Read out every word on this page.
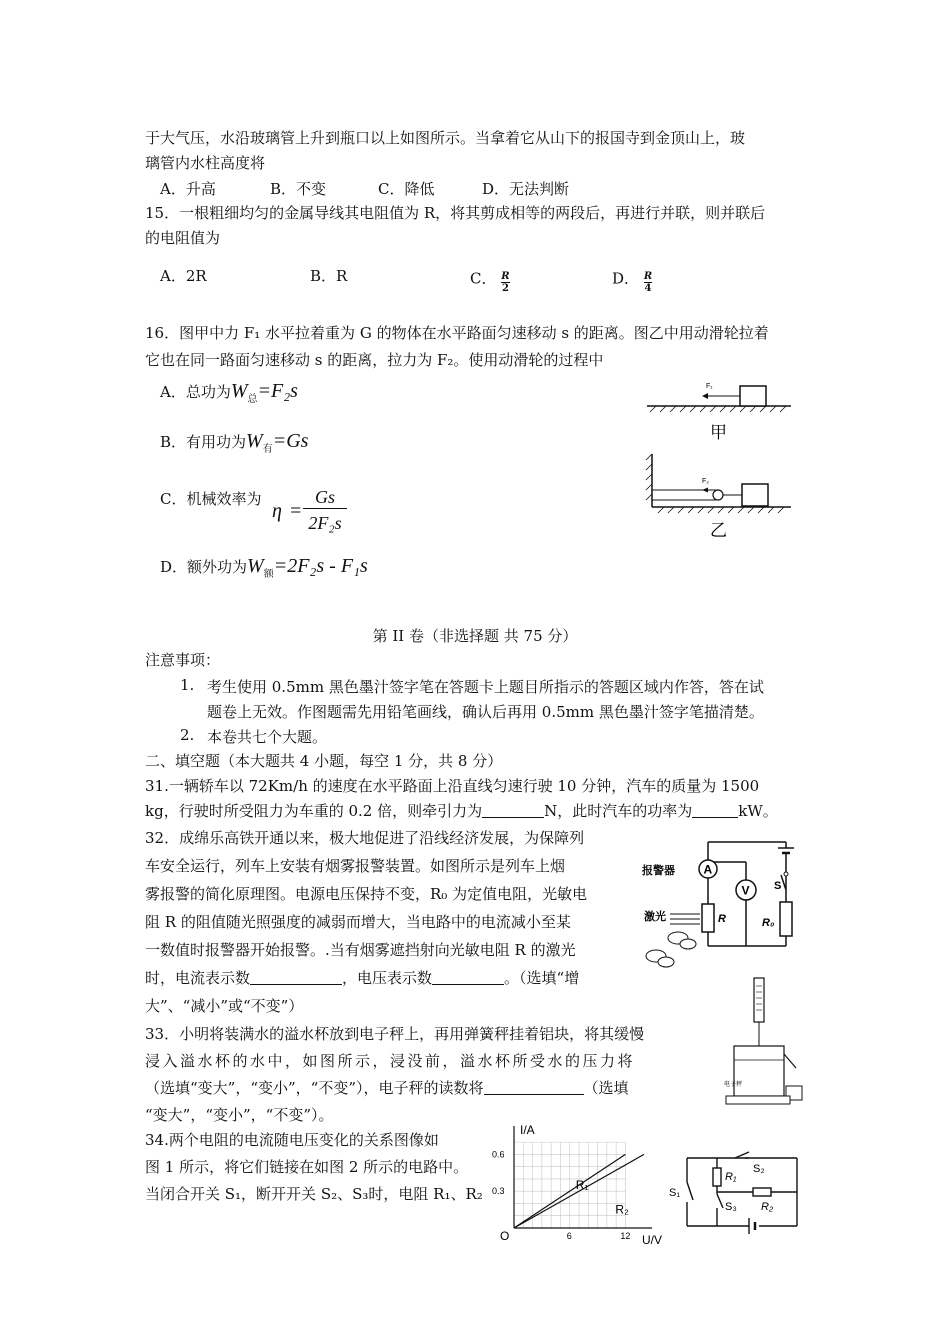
于大气压，水沿玻璃管上升到瓶口以上如图所示。当拿着它从山下的报国寺到金顶山上，玻
璃管内水柱高度将
A．升高	B．不变	C．降低	D．无法判断
15．一根粗细均匀的金属导线其电阻值为 R，将其剪成相等的两段后，再进行并联，则并联后
的电阻值为
A．2R	B．R	C． $\frac{R}{2}$	D． $\frac{R}{4}$
16．图甲中力 F₁ 水平拉着重为 G 的物体在水平路面匀速移动 s 的距离。图乙中用动滑轮拉着
它也在同一路面匀速移动 s 的距离，拉力为 F₂。使用动滑轮的过程中
A．总功为$W_总=F_2s$
B．有用功为$W_有=Gs$
C．机械效率为
η =
Gs
2F₂s
D．额外功为$W_额=2F_2s - F_1s$
F₁
甲
F₂
乙
第 II 卷（非选择题 共 75 分）
注意事项：
1. 考生使用 0.5mm 黑色墨汁签字笔在答题卡上题目所指示的答题区域内作答，答在试
题卷上无效。作图题需先用铅笔画线，确认后再用 0.5mm 黑色墨汁签字笔描清楚。
2. 本卷共七个大题。
二、填空题（本大题共 4 小题，每空 1 分，共 8 分）
31.一辆轿车以 72Km/h 的速度在水平路面上沿直线匀速行驶 10 分钟，汽车的质量为 1500
kg，行驶时所受阻力为车重的 0.2 倍，则牵引力为	N，此时汽车的功率为	kW。
32．成绵乐高铁开通以来，极大地促进了沿线经济发展，为保障列
车安全运行，列车上安装有烟雾报警装置。如图所示是列车上烟
雾报警的简化原理图。电源电压保持不变，R₀ 为定值电阻，光敏电
阻 R 的阻值随光照强度的减弱而增大，当电路中的电流减小至某
一数值时报警器开始报警。.当有烟雾遮挡射向光敏电阻 R 的激光
时，电流表示数	，电压表示数	。（选填“增
大”、“减小”或“不变”）
A
V
报警器
S
激光	R	R₀
33．小明将装满水的溢水杯放到电子秤上，再用弹簧秤挂着铝块，将其缓慢
浸入溢水杯的水中，如图所示，浸没前，溢水杯所受水的压力将
（选填“变大”，“变小”，“不变”），电子秤的读数将	（选填
“变大”，“变小”，“不变”）。
电子秤
34.两个电阻的电流随电压变化的关系图像如
图 1 所示，将它们链接在如图 2 所示的电路中。
当闭合开关 S₁，断开开关 S₂、S₃时，电阻 R₁、R₂
I/A
U/V
O	6	12
0.3
0.6
R₁
R₂
S₁
S₂
S₃
R₁
R₂
